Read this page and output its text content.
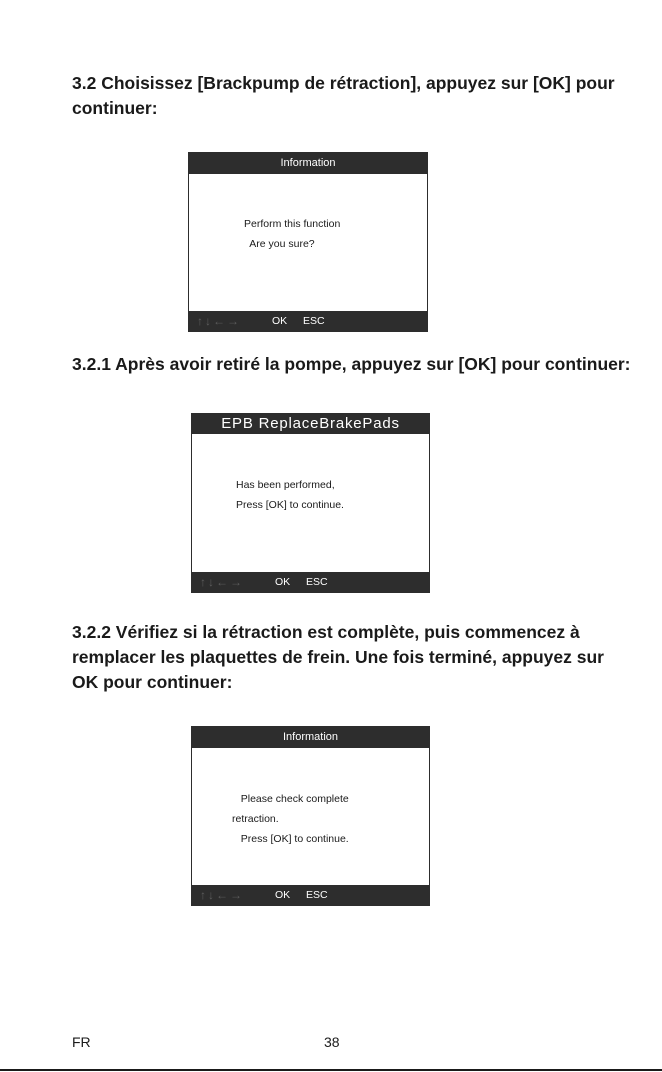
3.2 Choisissez [Brackpump de rétraction], appuyez sur [OK] pour continuer:

Information
Perform this function
Are you sure?
↑↓←→	OK ESC

3.2.1 Après avoir retiré la pompe, appuyez sur [OK] pour continuer:

EPB ReplaceBrakePads
Has been performed,
Press [OK] to continue.
↑↓←→	OK ESC

3.2.2 Vérifiez si la rétraction est complète, puis commencez à remplacer les plaquettes de frein. Une fois terminé, appuyez sur OK pour continuer:

Information
Please check complete
retraction.
Press [OK] to continue.
↑↓←→	OK ESC
FR	38
